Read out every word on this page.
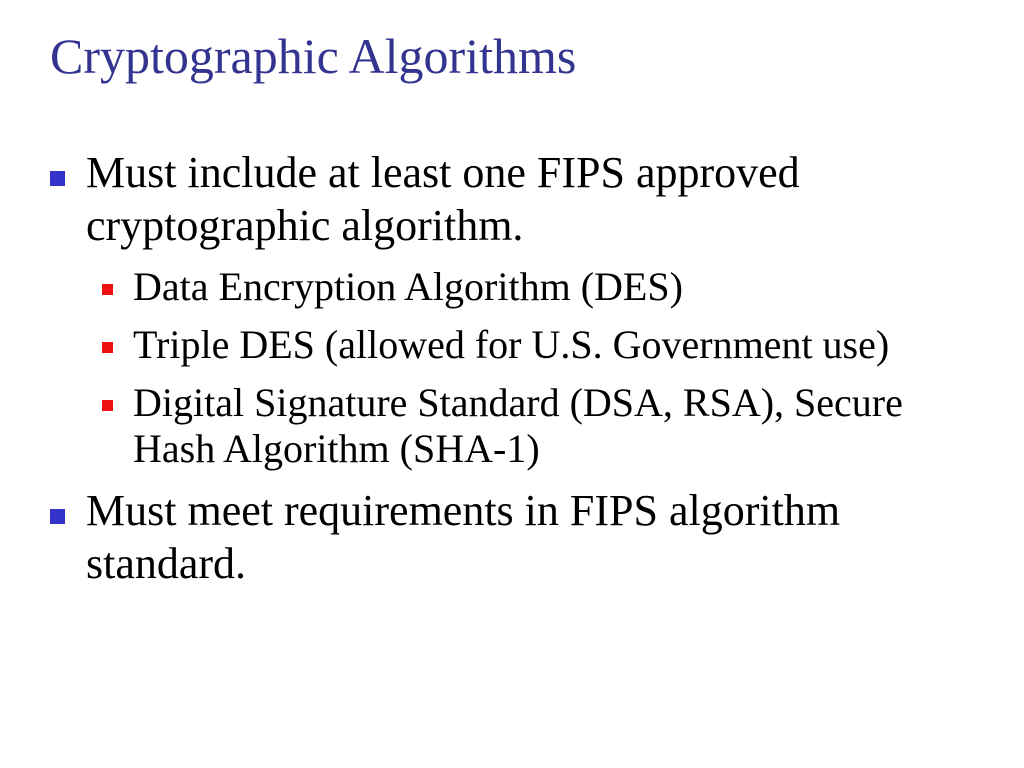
Cryptographic Algorithms
Must include at least one FIPS approved
cryptographic algorithm.
Data Encryption Algorithm (DES)
Triple DES (allowed for U.S. Government use)
Digital Signature Standard (DSA, RSA), Secure
Hash Algorithm (SHA-1)
Must meet requirements in FIPS algorithm
standard.
